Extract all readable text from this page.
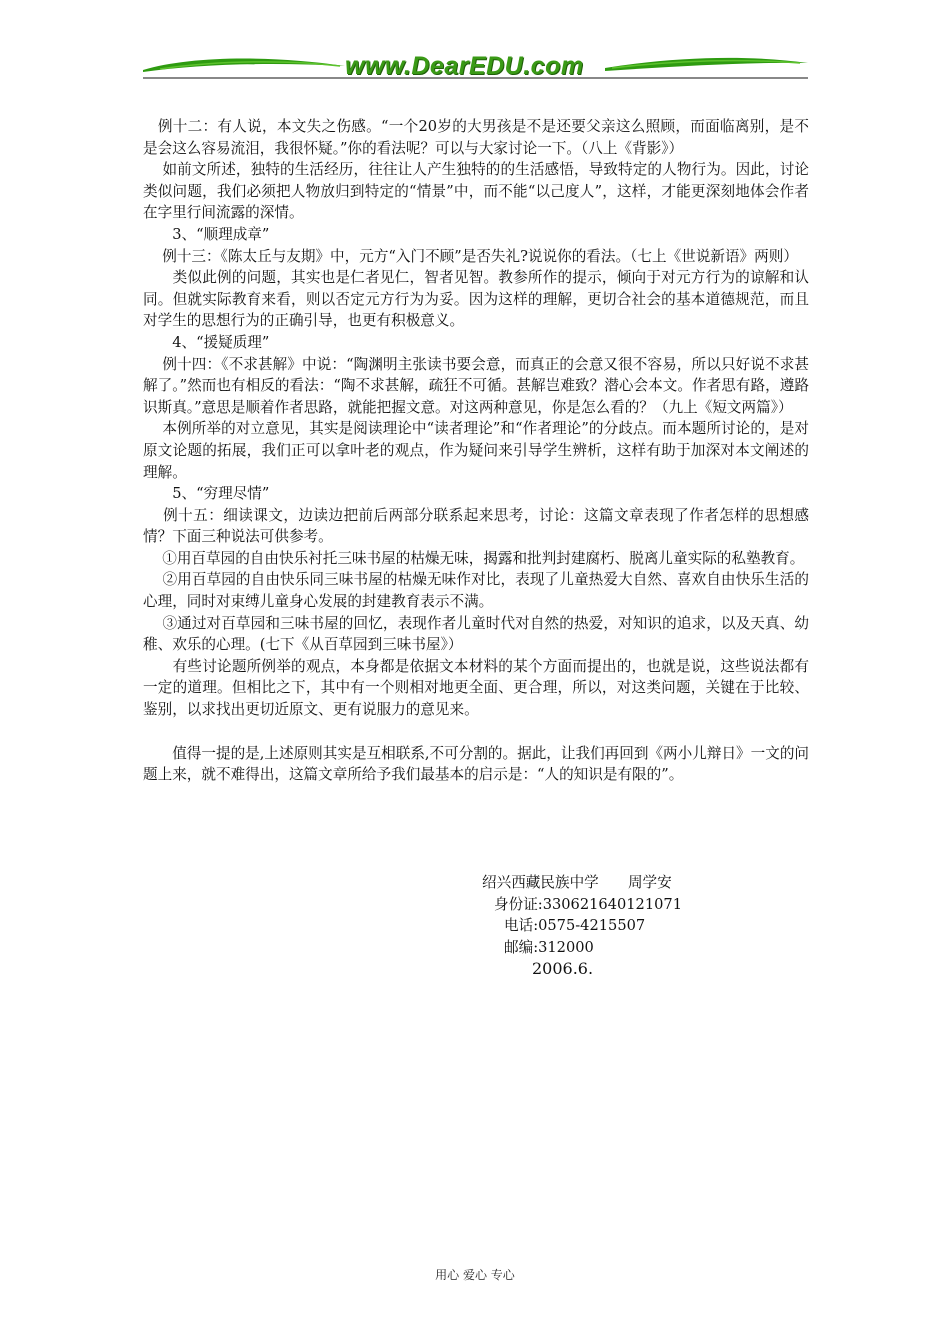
www.DearEDU.com

　例十二：有人说，本文失之伤感。“一个20岁的大男孩是不是还要父亲这么照顾，而面临离别，是不是会这么容易流泪，我很怀疑。”你的看法呢？可以与大家讨论一下。（八上《背影》）

　 如前文所述，独特的生活经历，往往让人产生独特的的生活感悟，导致特定的人物行为。因此，讨论类似问题，我们必须把人物放归到特定的“情景”中，而不能“以己度人”，这样，才能更深刻地体会作者在字里行间流露的深情。

　　3、“顺理成章”

　 例十三：《陈太丘与友期》中，元方“入门不顾”是否失礼?说说你的看法。（七上《世说新语》两则）

　　类似此例的问题，其实也是仁者见仁，智者见智。教参所作的提示，倾向于对元方行为的谅解和认同。但就实际教育来看，则以否定元方行为为妥。因为这样的理解，更切合社会的基本道德规范，而且对学生的思想行为的正确引导，也更有积极意义。

　　4、“援疑质理”

　 例十四：《不求甚解》中说：“陶渊明主张读书要会意，而真正的会意又很不容易，所以只好说不求甚解了。”然而也有相反的看法：“陶不求甚解，疏狂不可循。甚解岂难致？潜心会本文。作者思有路，遵路识斯真。”意思是顺着作者思路，就能把握文意。对这两种意见，你是怎么看的？（九上《短文两篇》）

　 本例所举的对立意见，其实是阅读理论中“读者理论”和“作者理论”的分歧点。而本题所讨论的，是对原文论题的拓展，我们正可以拿叶老的观点，作为疑问来引导学生辨析，这样有助于加深对本文阐述的理解。

　　5、“穷理尽情”

　 例十五：细读课文，边读边把前后两部分联系起来思考，讨论：这篇文章表现了作者怎样的思想感情？下面三种说法可供参考。

　 ①用百草园的自由快乐衬托三味书屋的枯燥无味，揭露和批判封建腐朽、脱离儿童实际的私塾教育。

　 ②用百草园的自由快乐同三味书屋的枯燥无味作对比，表现了儿童热爱大自然、喜欢自由快乐生活的心理，同时对束缚儿童身心发展的封建教育表示不满。

　 ③通过对百草园和三味书屋的回忆，表现作者儿童时代对自然的热爱，对知识的追求，以及天真、幼稚、欢乐的心理。(七下《从百草园到三味书屋》）

　　有些讨论题所例举的观点，本身都是依据文本材料的某个方面而提出的，也就是说，这些说法都有一定的道理。但相比之下，其中有一个则相对地更全面、更合理，所以，对这类问题，关键在于比较、鉴别，以求找出更切近原文、更有说服力的意见来。

　　值得一提的是,上述原则其实是互相联系,不可分割的。据此，让我们再回到《两小儿辩日》一文的问题上来，就不难得出，这篇文章所给予我们最基本的启示是：“人的知识是有限的”。

绍兴西藏民族中学　　周学安
身份证:330621640121071
电话:0575-4215507
邮编:312000
2006.6.
用心 爱心 专心
